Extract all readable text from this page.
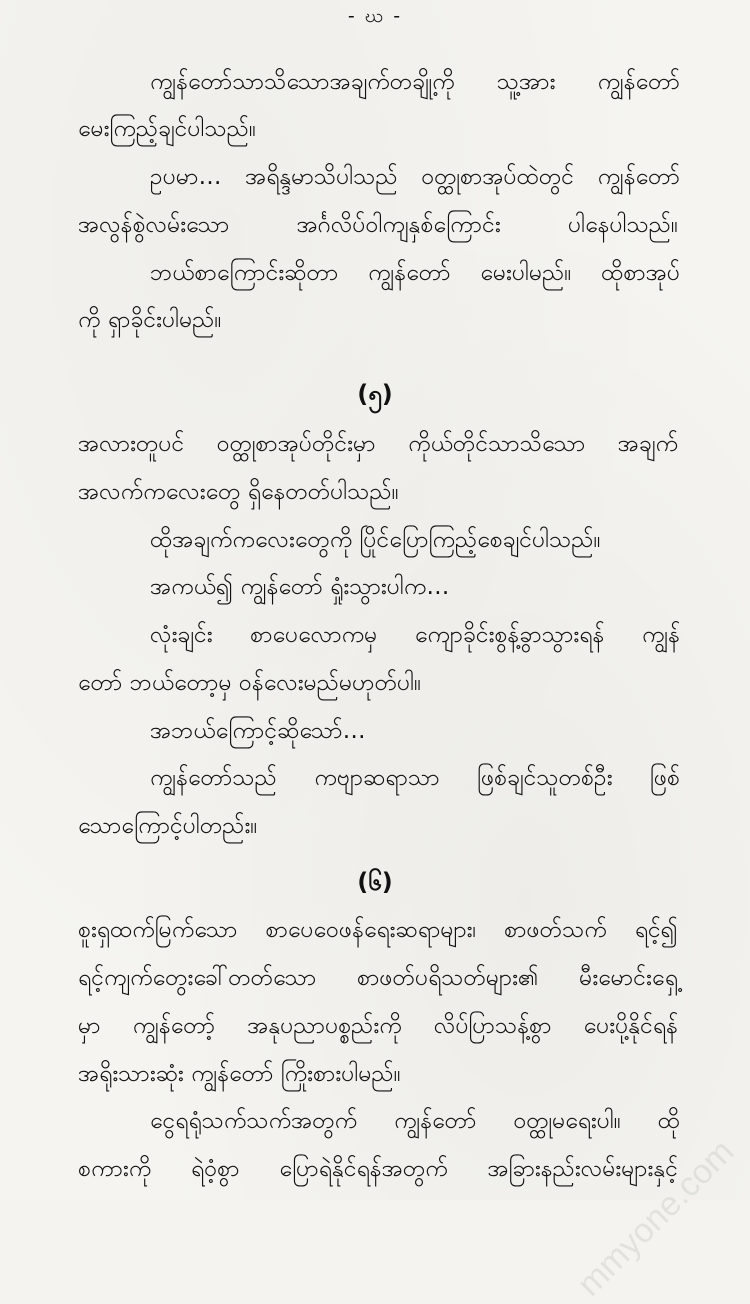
- ဃ -
ကျွန်တော်သာသိသောအချက်တချို့ကို သူ့အား ကျွန်တော်
မေးကြည့်ချင်ပါသည်။
ဥပမာ… အရိန္ဒမာသိပါသည် ဝတ္ထုစာအုပ်ထဲတွင် ကျွန်တော်
အလွန်စွဲလမ်းသော အင်္ဂလိပ်ဝါကျနှစ်ကြောင်း ပါနေပါသည်။
ဘယ်စာကြောင်းဆိုတာ ကျွန်တော် မေးပါမည်။ ထိုစာအုပ်
ကို ရှာခိုင်းပါမည်။
(၅)
အလားတူပင် ဝတ္ထုစာအုပ်တိုင်းမှာ ကိုယ်တိုင်သာသိသော အချက်
အလက်ကလေးတွေ ရှိနေတတ်ပါသည်။
ထိုအချက်ကလေးတွေကို ပြိုင်ပြောကြည့်စေချင်ပါသည်။
အကယ်၍ ကျွန်တော် ရှုံးသွားပါက…
လုံးချင်း စာပေလောကမှ ကျောခိုင်းစွန့်ခွာသွားရန် ကျွန်
တော် ဘယ်တော့မှ ဝန်လေးမည်မဟုတ်ပါ။
အဘယ်ကြောင့်ဆိုသော်…
ကျွန်တော်သည် ကဗျာဆရာသာ ဖြစ်ချင်သူတစ်ဦး ဖြစ်
သောကြောင့်ပါတည်း။
(၆)
စူးရှထက်မြက်သော စာပေဝေဖန်ရေးဆရာများ၊ စာဖတ်သက် ရင့်၍
ရင့်ကျက်တွေးခေါ်တတ်သော စာဖတ်ပရိသတ်များ၏ မီးမောင်းရှေ့
မှာ ကျွန်တော့် အနုပညာပစ္စည်းကို လိပ်ပြာသန့်စွာ ပေးပို့နိုင်ရန်
အရိုးသားဆုံး ကျွန်တော် ကြိုးစားပါမည်။
ငွေရရုံသက်သက်အတွက် ကျွန်တော် ဝတ္ထုမရေးပါ။ ထို
စကားကို ရဲဝံ့စွာ ပြောရဲနိုင်ရန်အတွက် အခြားနည်းလမ်းများနှင့်
mmyone.com
